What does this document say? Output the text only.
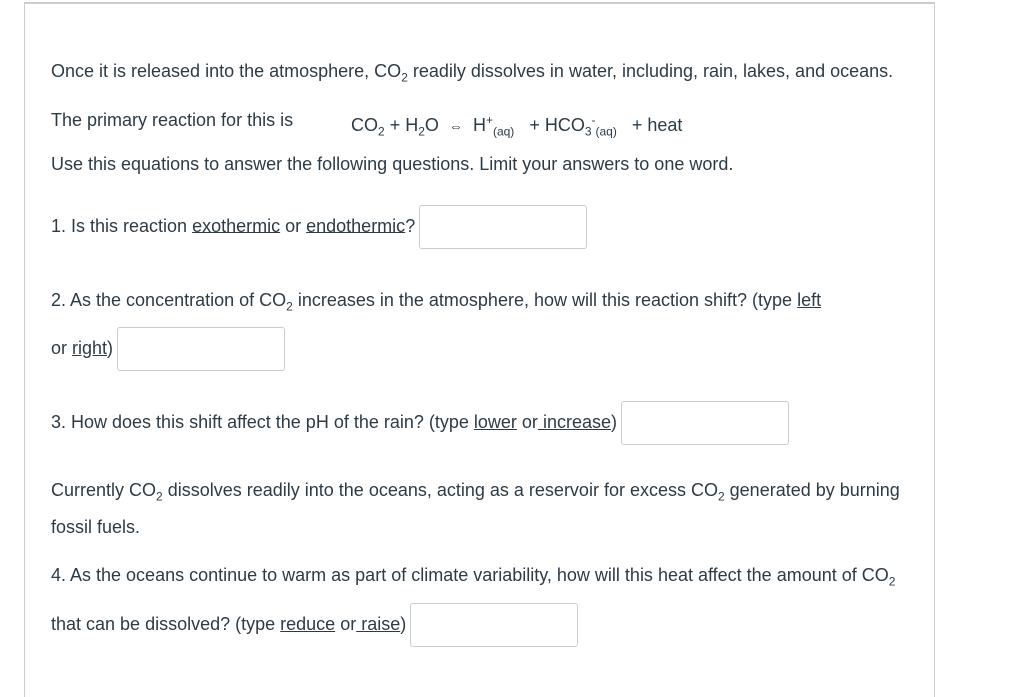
Once it is released into the atmosphere, $CO_2$ readily dissolves in water, including, rain, lakes, and oceans.

The primary reaction for this is	$CO_2 + H_2O$ ⇔ $H^+_{(aq)} + HCO_3^-_{(aq)}$   + heat

Use this equations to answer the following questions. Limit your answers to one word.

1. Is this reaction exothermic or endothermic?

2. As the concentration of $CO_2$ increases in the atmosphere, how will this reaction shift? (type left
or right)

3. How does this shift affect the pH of the rain? (type lower or increase)

Currently $CO_2$ dissolves readily into the oceans, acting as a reservoir for excess $CO_2$ generated by burning fossil fuels.

4. As the oceans continue to warm as part of climate variability, how will this heat affect the amount of $CO_2$ that can be dissolved? (type reduce or raise)
